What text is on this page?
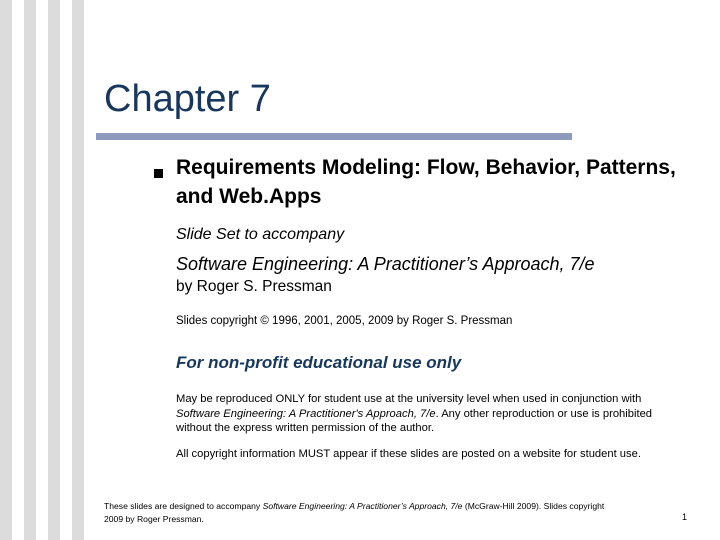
Chapter 7
Requirements Modeling: Flow, Behavior, Patterns, and Web.Apps
Slide Set to accompany
Software Engineering: A Practitioner’s Approach, 7/e
by Roger S. Pressman
Slides copyright © 1996, 2001, 2005, 2009 by Roger S. Pressman
For non-profit educational use only
May be reproduced ONLY for student use at the university level when used in conjunction with Software Engineering: A Practitioner's Approach, 7/e. Any other reproduction or use is prohibited without the express written permission of the author.
All copyright information MUST appear if these slides are posted on a website for student use.
These slides are designed to accompany Software Engineering: A Practitioner’s Approach, 7/e (McGraw-Hill 2009). Slides copyright 2009 by Roger Pressman.	1
